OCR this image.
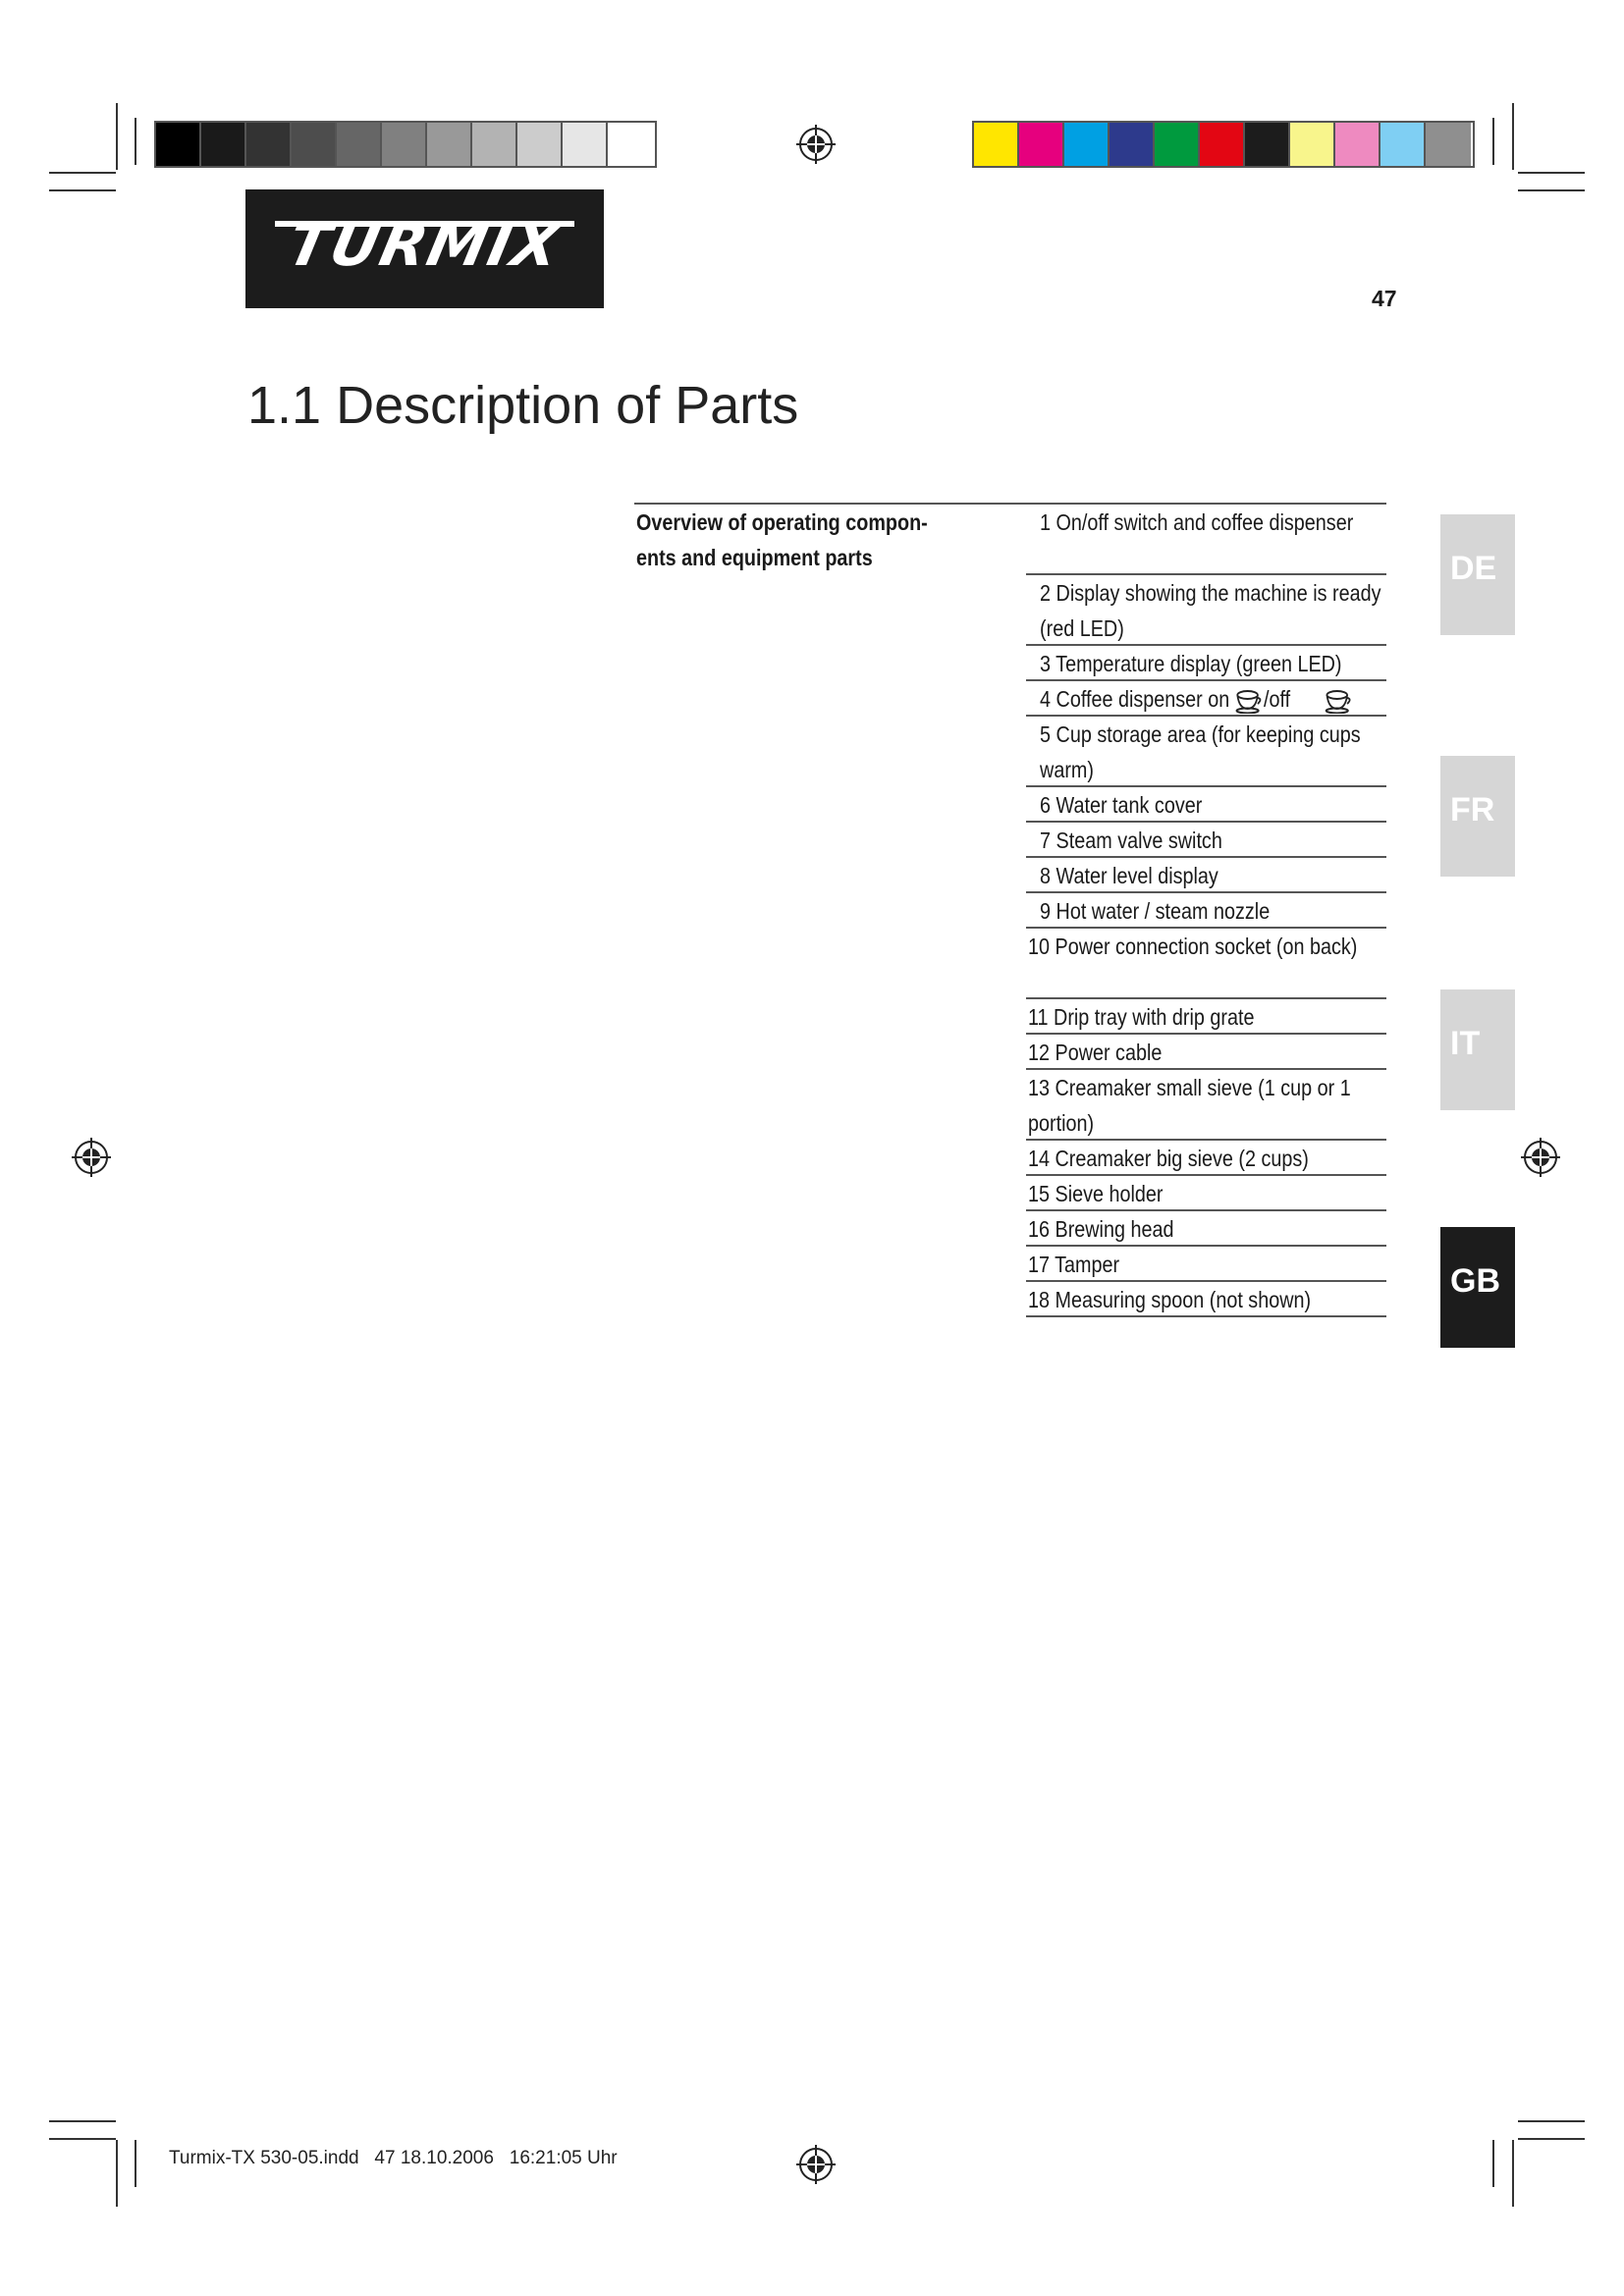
TURMIX
47
1.1 Description of Parts
Overview of operating compon-
ents and equipment parts
1 On/off switch and coffee dispenser
2 Display showing the machine is ready (red LED)
3 Temperature display (green LED)
4 Coffee dispenser on /off
5 Cup storage area (for keeping cups warm)
6 Water tank cover
7 Steam valve switch
8 Water level display
9 Hot water / steam nozzle
10 Power connection socket (on back)
11 Drip tray with drip grate
12 Power cable
13 Creamaker small sieve (1 cup or 1 portion)
14 Creamaker big sieve (2 cups)
15 Sieve holder
16 Brewing head
17 Tamper
18 Measuring spoon (not shown)
DE
FR
IT
GB
Turmix-TX 530-05.indd   47 18.10.2006   16:21:05 Uhr
